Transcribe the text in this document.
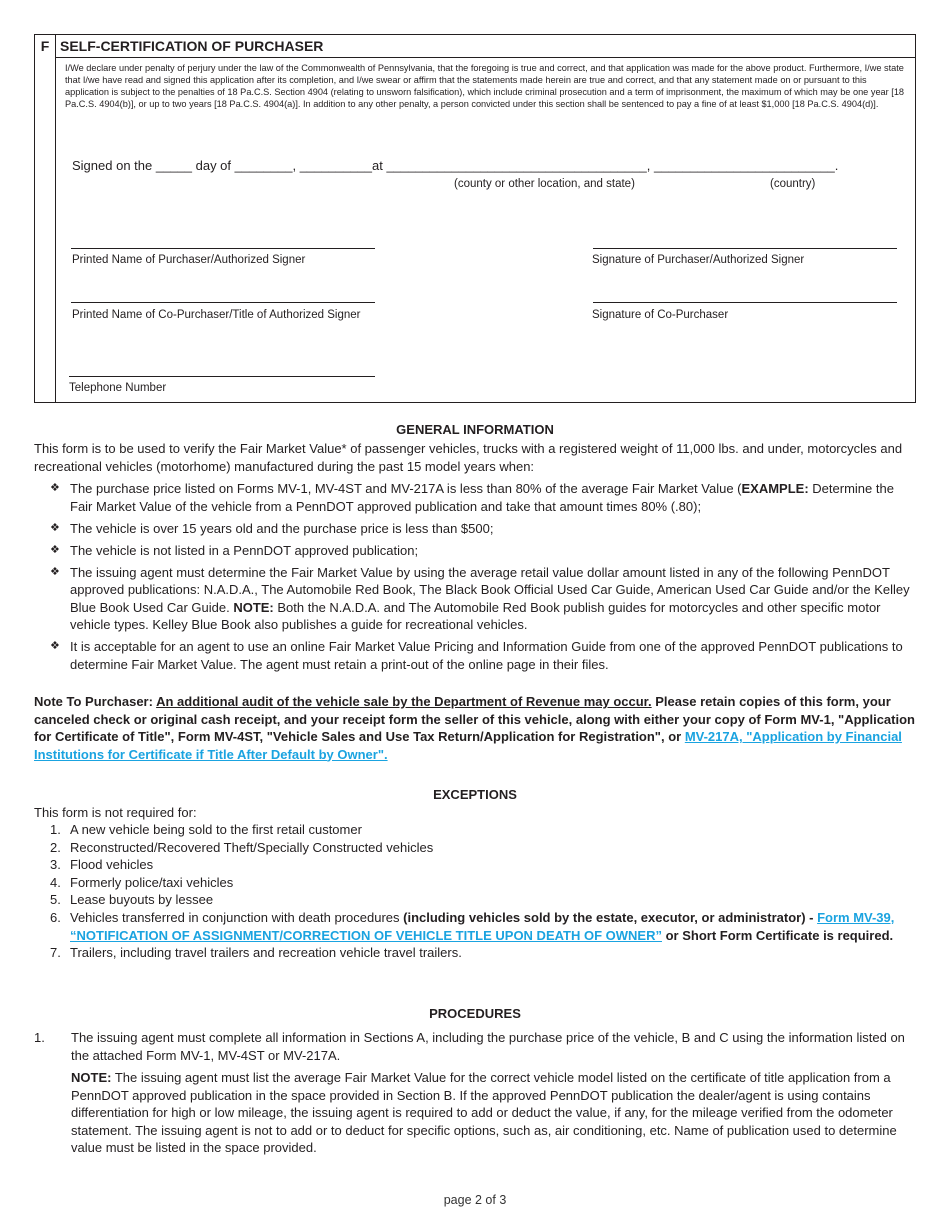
F SELF-CERTIFICATION OF PURCHASER
I/We declare under penalty of perjury under the law of the Commonwealth of Pennsylvania, that the foregoing is true and correct, and that application was made for the above product. Furthermore, I/we state that I/we have read and signed this application after its completion, and I/we swear or affirm that the statements made herein are true and correct, and that any statement made on or pursuant to this application is subject to the penalties of 18 Pa.C.S. Section 4904 (relating to unsworn falsification), which include criminal prosecution and a term of imprisonment, the maximum of which may be one year [18 Pa.C.S. 4904(b)], or up to two years [18 Pa.C.S. 4904(a)]. In addition to any other penalty, a person convicted under this section shall be sentenced to pay a fine of at least $1,000 [18 Pa.C.S. 4904(d)].
Signed on the _____ day of ________, __________at ____________________________________, _________________________.
(county or other location, and state)	(country)
Printed Name of Purchaser/Authorized Signer	Signature of Purchaser/Authorized Signer
Printed Name of Co-Purchaser/Title of Authorized Signer	Signature of Co-Purchaser
Telephone Number
GENERAL INFORMATION
This form is to be used to verify the Fair Market Value* of passenger vehicles, trucks with a registered weight of 11,000 lbs. and under, motorcycles and recreational vehicles (motorhome) manufactured during the past 15 model years when:
❖ The purchase price listed on Forms MV-1, MV-4ST and MV-217A is less than 80% of the average Fair Market Value (EXAMPLE: Determine the Fair Market Value of the vehicle from a PennDOT approved publication and take that amount times 80% (.80);
❖ The vehicle is over 15 years old and the purchase price is less than $500;
❖ The vehicle is not listed in a PennDOT approved publication;
❖ The issuing agent must determine the Fair Market Value by using the average retail value dollar amount listed in any of the following PennDOT approved publications: N.A.D.A., The Automobile Red Book, The Black Book Official Used Car Guide, American Used Car Guide and/or the Kelley Blue Book Used Car Guide. NOTE: Both the N.A.D.A. and The Automobile Red Book publish guides for motorcycles and other specific motor vehicle types. Kelley Blue Book also publishes a guide for recreational vehicles.
❖ It is acceptable for an agent to use an online Fair Market Value Pricing and Information Guide from one of the approved PennDOT publications to determine Fair Market Value. The agent must retain a print-out of the online page in their files.
Note To Purchaser: An additional audit of the vehicle sale by the Department of Revenue may occur. Please retain copies of this form, your canceled check or original cash receipt, and your receipt form the seller of this vehicle, along with either your copy of Form MV-1, "Application for Certificate of Title", Form MV-4ST, "Vehicle Sales and Use Tax Return/Application for Registration", or MV-217A, "Application by Financial Institutions for Certificate if Title After Default by Owner".
EXCEPTIONS
This form is not required for:
1. A new vehicle being sold to the first retail customer
2. Reconstructed/Recovered Theft/Specially Constructed vehicles
3. Flood vehicles
4. Formerly police/taxi vehicles
5. Lease buyouts by lessee
6. Vehicles transferred in conjunction with death procedures (including vehicles sold by the estate, executor, or administrator) - Form MV-39, “NOTIFICATION OF ASSIGNMENT/CORRECTION OF VEHICLE TITLE UPON DEATH OF OWNER” or Short Form Certificate is required.
7. Trailers, including travel trailers and recreation vehicle travel trailers.
PROCEDURES
1. The issuing agent must complete all information in Sections A, including the purchase price of the vehicle, B and C using the information listed on the attached Form MV-1, MV-4ST or MV-217A.
NOTE: The issuing agent must list the average Fair Market Value for the correct vehicle model listed on the certificate of title application from a PennDOT approved publication in the space provided in Section B. If the approved PennDOT publication the dealer/agent is using contains differentiation for high or low mileage, the issuing agent is required to add or deduct the value, if any, for the mileage verified from the odometer statement. The issuing agent is not to add or to deduct for specific options, such as, air conditioning, etc. Name of publication used to determine value must be listed in the space provided.
page 2 of 3
